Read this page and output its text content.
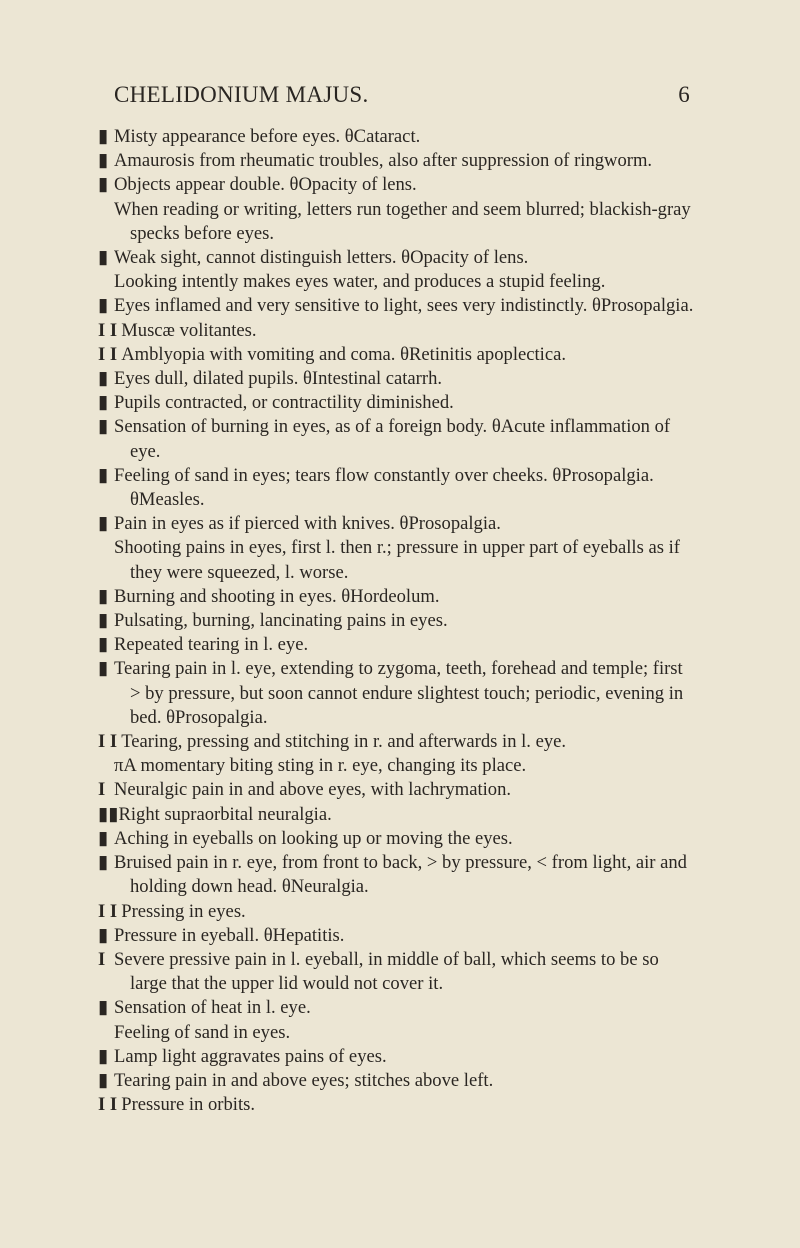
CHELIDONIUM MAJUS.	6

▮ Misty appearance before eyes. θCataract.

▮ Amaurosis from rheumatic troubles, also after suppression of ringworm.

▮ Objects appear double. θOpacity of lens.

When reading or writing, letters run together and seem blurred; blackish-gray specks before eyes.

▮ Weak sight, cannot distinguish letters. θOpacity of lens.

Looking intently makes eyes water, and produces a stupid feeling.

▮ Eyes inflamed and very sensitive to light, sees very indistinctly. θProsopalgia.

I I Muscæ volitantes.

I I Amblyopia with vomiting and coma. θRetinitis apoplectica.

▮ Eyes dull, dilated pupils. θIntestinal catarrh.

▮ Pupils contracted, or contractility diminished.

▮ Sensation of burning in eyes, as of a foreign body. θAcute inflammation of eye.

▮ Feeling of sand in eyes; tears flow constantly over cheeks. θProsopalgia. θMeasles.

▮ Pain in eyes as if pierced with knives. θProsopalgia.

Shooting pains in eyes, first l. then r.; pressure in upper part of eyeballs as if they were squeezed, l. worse.

▮ Burning and shooting in eyes. θHordeolum.

▮ Pulsating, burning, lancinating pains in eyes.

▮ Repeated tearing in l. eye.

▮ Tearing pain in l. eye, extending to zygoma, teeth, forehead and temple; first > by pressure, but soon cannot endure slightest touch; periodic, evening in bed. θProsopalgia.

I I Tearing, pressing and stitching in r. and afterwards in l. eye.

πA momentary biting sting in r. eye, changing its place.

I Neuralgic pain in and above eyes, with lachrymation.

▮▮Right supraorbital neuralgia.

▮ Aching in eyeballs on looking up or moving the eyes.

▮ Bruised pain in r. eye, from front to back, > by pressure, < from light, air and holding down head. θNeuralgia.

I I Pressing in eyes.

▮ Pressure in eyeball. θHepatitis.

I Severe pressive pain in l. eyeball, in middle of ball, which seems to be so large that the upper lid would not cover it.

▮ Sensation of heat in l. eye.

Feeling of sand in eyes.

▮ Lamp light aggravates pains of eyes.

▮ Tearing pain in and above eyes; stitches above left.

I I Pressure in orbits.
